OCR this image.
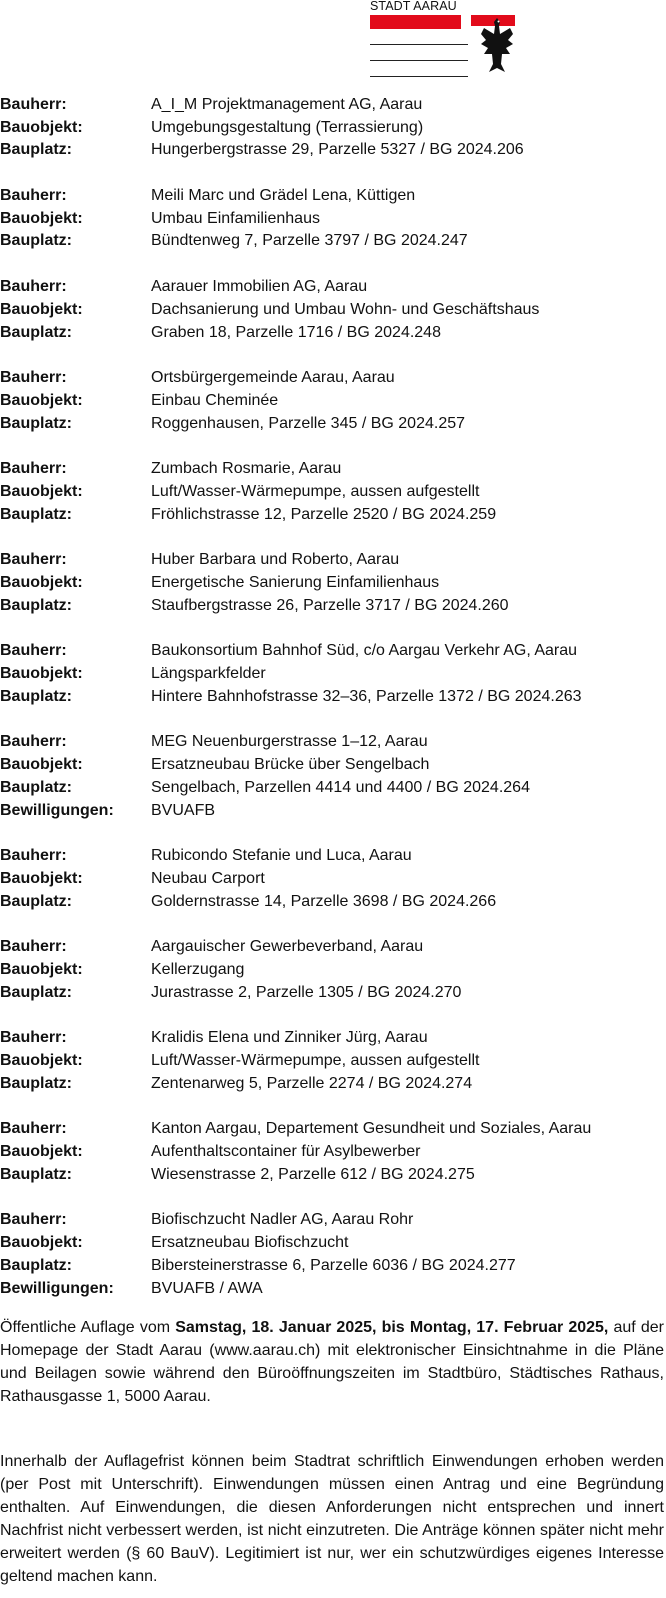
STADT AARAU
Bauherr:	A_I_M Projektmanagement AG, Aarau
Bauobjekt:	Umgebungsgestaltung (Terrassierung)
Bauplatz:	Hungerbergstrasse 29, Parzelle 5327 / BG 2024.206
Bauherr:	Meili Marc und Grädel Lena, Küttigen
Bauobjekt:	Umbau Einfamilienhaus
Bauplatz:	Bündtenweg 7, Parzelle 3797 / BG 2024.247
Bauherr:	Aarauer Immobilien AG, Aarau
Bauobjekt:	Dachsanierung und Umbau Wohn- und Geschäftshaus
Bauplatz:	Graben 18, Parzelle 1716 / BG 2024.248
Bauherr:	Ortsbürgergemeinde Aarau, Aarau
Bauobjekt:	Einbau Cheminée
Bauplatz:	Roggenhausen, Parzelle 345 / BG 2024.257
Bauherr:	Zumbach Rosmarie, Aarau
Bauobjekt:	Luft/Wasser-Wärmepumpe, aussen aufgestellt
Bauplatz:	Fröhlichstrasse 12, Parzelle 2520 / BG 2024.259
Bauherr:	Huber Barbara und Roberto, Aarau
Bauobjekt:	Energetische Sanierung Einfamilienhaus
Bauplatz:	Staufbergstrasse 26, Parzelle 3717 / BG 2024.260
Bauherr:	Baukonsortium Bahnhof Süd, c/o Aargau Verkehr AG, Aarau
Bauobjekt:	Längsparkfelder
Bauplatz:	Hintere Bahnhofstrasse 32–36, Parzelle 1372 / BG 2024.263
Bauherr:	MEG Neuenburgerstrasse 1–12, Aarau
Bauobjekt:	Ersatzneubau Brücke über Sengelbach
Bauplatz:	Sengelbach, Parzellen 4414 und 4400 / BG 2024.264
Bewilligungen:	BVUAFB
Bauherr:	Rubicondo Stefanie und Luca, Aarau
Bauobjekt:	Neubau Carport
Bauplatz:	Goldernstrasse 14, Parzelle 3698 / BG 2024.266
Bauherr:	Aargauischer Gewerbeverband, Aarau
Bauobjekt:	Kellerzugang
Bauplatz:	Jurastrasse 2, Parzelle 1305 / BG 2024.270
Bauherr:	Kralidis Elena und Zinniker Jürg, Aarau
Bauobjekt:	Luft/Wasser-Wärmepumpe, aussen aufgestellt
Bauplatz:	Zentenarweg 5, Parzelle 2274 / BG 2024.274
Bauherr:	Kanton Aargau, Departement Gesundheit und Soziales, Aarau
Bauobjekt:	Aufenthaltscontainer für Asylbewerber
Bauplatz:	Wiesenstrasse 2, Parzelle 612 / BG 2024.275
Bauherr:	Biofischzucht Nadler AG, Aarau Rohr
Bauobjekt:	Ersatzneubau Biofischzucht
Bauplatz:	Bibersteinerstrasse 6, Parzelle 6036 / BG 2024.277
Bewilligungen:	BVUAFB / AWA
Öffentliche Auflage vom Samstag, 18. Januar 2025, bis Montag, 17. Februar 2025, auf der Homepage der Stadt Aarau (www.aarau.ch) mit elektronischer Einsichtnahme in die Pläne und Beilagen sowie während den Büroöffnungszeiten im Stadtbüro, Städtisches Rathaus, Rathausgasse 1, 5000 Aarau.
Innerhalb der Auflagefrist können beim Stadtrat schriftlich Einwendungen erhoben werden (per Post mit Unterschrift). Einwendungen müssen einen Antrag und eine Begründung enthalten. Auf Einwendungen, die diesen Anforderungen nicht entsprechen und innert Nachfrist nicht verbessert werden, ist nicht einzutreten. Die Anträge können später nicht mehr erweitert werden (§ 60 BauV). Legitimiert ist nur, wer ein schutzwürdiges eigenes Interesse geltend machen kann.
